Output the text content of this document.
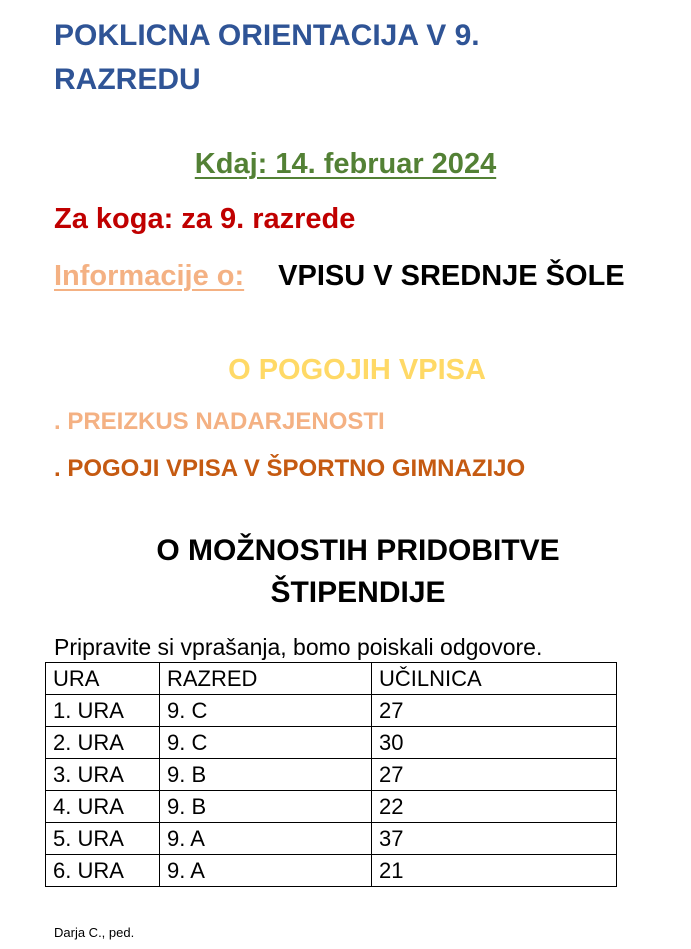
POKLICNA ORIENTACIJA V 9. RAZREDU
Kdaj: 14. februar 2024
Za koga: za 9. razrede
Informacije o: VPISU V SREDNJE ŠOLE
O POGOJIH VPISA
. PREIZKUS NADARJENOSTI
. POGOJI VPISA V ŠPORTNO GIMNAZIJO
O MOŽNOSTIH PRIDOBITVE ŠTIPENDIJE
Pripravite si vprašanja, bomo poiskali odgovore.
URA	RAZRED	UČILNICA
1. URA	9. C	27
2. URA	9. C	30
3. URA	9. B	27
4. URA	9. B	22
5. URA	9. A	37
6. URA	9. A	21
Darja C., ped.
